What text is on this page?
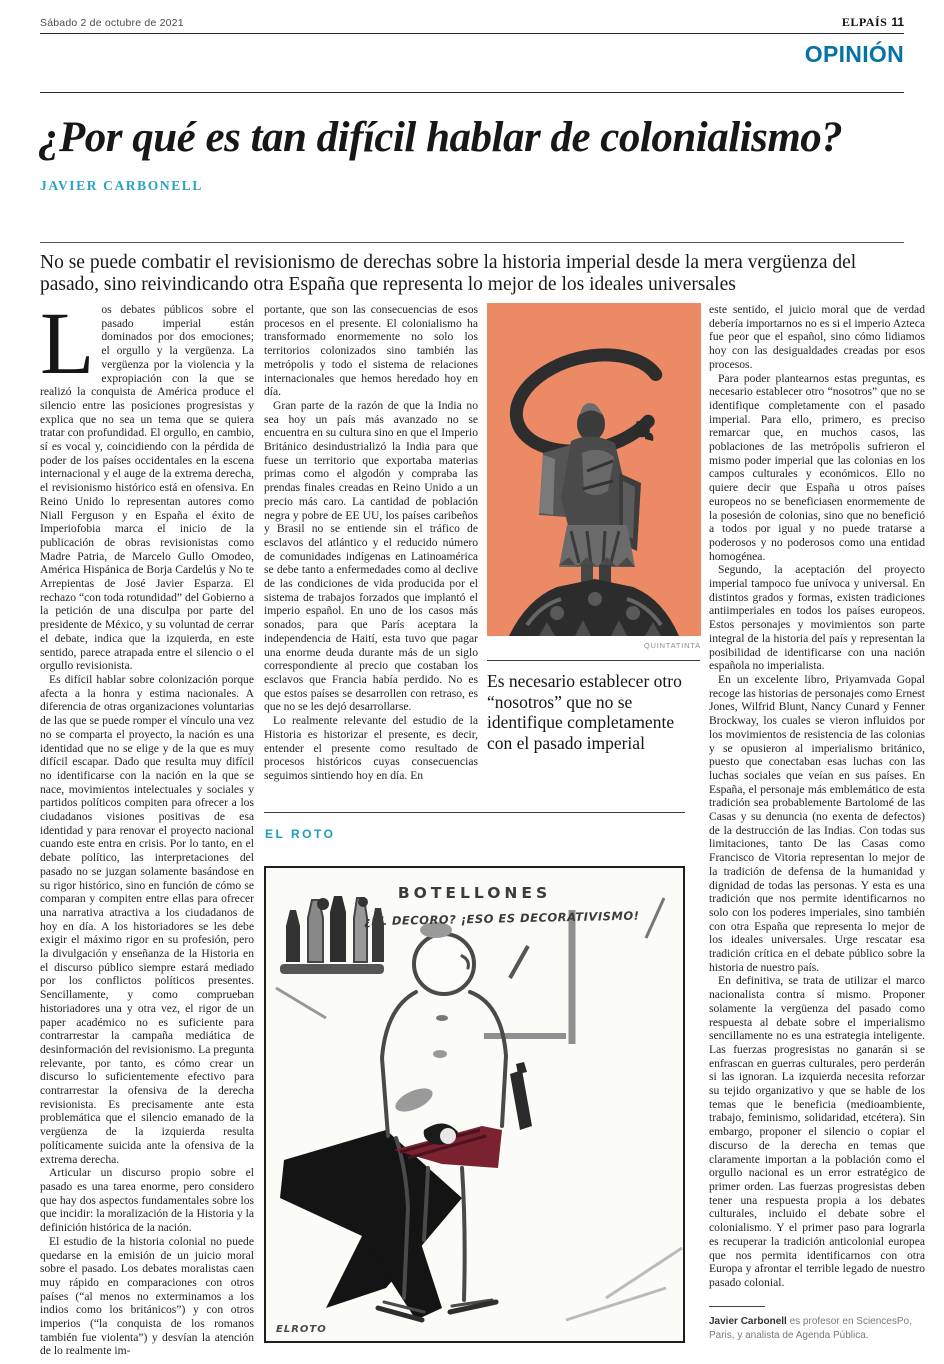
Sábado 2 de octubre de 2021	ELPAÍS 11
OPINIÓN
¿Por qué es tan difícil hablar de colonialismo?
JAVIER CARBONELL
No se puede combatir el revisionismo de derechas sobre la historia imperial desde la mera vergüenza del pasado, sino reivindicando otra España que representa lo mejor de los ideales universales

Los debates públicos sobre el pasado imperial están dominados por dos emociones; el orgullo y la vergüenza. La vergüenza por la violencia y la expropiación con la que se realizó la conquista de América produce el silencio entre las posiciones progresistas y explica que no sea un tema que se quiera tratar con profundidad. El orgullo, en cambio, sí es vocal y, coincidiendo con la pérdida de poder de los países occidentales en la escena internacional y el auge de la extrema derecha, el revisionismo histórico está en ofensiva. En Reino Unido lo representan autores como Niall Ferguson y en España el éxito de Imperiofobia marca el inicio de la publicación de obras revisionistas como Madre Patria, de Marcelo Gullo Omodeo, América Hispánica de Borja Cardelús y No te Arrepientas de José Javier Esparza. El rechazo “con toda rotundidad” del Gobierno a la petición de una disculpa por parte del presidente de México, y su voluntad de cerrar el debate, indica que la izquierda, en este sentido, parece atrapada entre el silencio o el orgullo revisionista.

Es difícil hablar sobre colonización porque afecta a la honra y estima nacionales. A diferencia de otras organizaciones voluntarias de las que se puede romper el vínculo una vez no se comparta el proyecto, la nación es una identidad que no se elige y de la que es muy difícil escapar. Dado que resulta muy difícil no identificarse con la nación en la que se nace, movimientos intelectuales y sociales y partidos políticos compiten para ofrecer a los ciudadanos visiones positivas de esa identidad y para renovar el proyecto nacional cuando este entra en crisis. Por lo tanto, en el debate político, las interpretaciones del pasado no se juzgan solamente basándose en su rigor histórico, sino en función de cómo se comparan y compiten entre ellas para ofrecer una narrativa atractiva a los ciudadanos de hoy en día. A los historiadores se les debe exigir el máximo rigor en su profesión, pero la divulgación y enseñanza de la Historia en el discurso público siempre estará mediado por los conflictos políticos presentes. Sencillamente, y como comprueban historiadores una y otra vez, el rigor de un paper académico no es suficiente para contrarrestar la campaña mediática de desinformación del revisionismo. La pregunta relevante, por tanto, es cómo crear un discurso lo suficientemente efectivo para contrarrestar la ofensiva de la derecha revisionista. Es precisamente ante esta problemática que el silencio emanado de la vergüenza de la izquierda resulta políticamente suicida ante la ofensiva de la extrema derecha.

Articular un discurso propio sobre el pasado es una tarea enorme, pero considero que hay dos aspectos fundamentales sobre los que incidir: la moralización de la Historia y la definición histórica de la nación.

El estudio de la historia colonial no puede quedarse en la emisión de un juicio moral sobre el pasado. Los debates moralistas caen muy rápido en comparaciones con otros países (“al menos no exterminamos a los indios como los británicos”) y con otros imperios (“la conquista de los romanos también fue violenta”) y desvían la atención de lo realmente im-

portante, que son las consecuencias de esos procesos en el presente. El colonialismo ha transformado enormemente no solo los territorios colonizados sino también las metrópolis y todo el sistema de relaciones internacionales que hemos heredado hoy en día.

Gran parte de la razón de que la India no sea hoy un país más avanzado no se encuentra en su cultura sino en que el Imperio Británico desindustrializó la India para que fuese un territorio que exportaba materias primas como el algodón y compraba las prendas finales creadas en Reino Unido a un precio más caro. La cantidad de población negra y pobre de EE UU, los países caribeños y Brasil no se entiende sin el tráfico de esclavos del atlántico y el reducido número de comunidades indígenas en Latinoamérica se debe tanto a enfermedades como al declive de las condiciones de vida producida por el sistema de trabajos forzados que implantó el imperio español. En uno de los casos más sonados, para que París aceptara la independencia de Haití, esta tuvo que pagar una enorme deuda durante más de un siglo correspondiente al precio que costaban los esclavos que Francia había perdido. No es que estos países se desarrollen con retraso, es que no se les dejó desarrollarse.

Lo realmente relevante del estudio de la Historia es historizar el presente, es decir, entender el presente como resultado de procesos históricos cuyas consecuencias seguimos sintiendo hoy en día. En

QUINTATINTA
Es necesario establecer otro “nosotros” que no se identifique completamente con el pasado imperial
EL ROTO
BOTELLONES
¿EL DECORO? ¡ESO ES DECORATIVISMO!
ELROTO

este sentido, el juicio moral que de verdad debería importarnos no es si el imperio Azteca fue peor que el español, sino cómo lidiamos hoy con las desigualdades creadas por esos procesos.

Para poder plantearnos estas preguntas, es necesario establecer otro “nosotros” que no se identifique completamente con el pasado imperial. Para ello, primero, es preciso remarcar que, en muchos casos, las poblaciones de las metrópolis sufrieron el mismo poder imperial que las colonias en los campos culturales y económicos. Ello no quiere decir que España u otros países europeos no se beneficiasen enormemente de la posesión de colonias, sino que no benefició a todos por igual y no puede tratarse a poderosos y no poderosos como una entidad homogénea.

Segundo, la aceptación del proyecto imperial tampoco fue unívoca y universal. En distintos grados y formas, existen tradiciones antiimperiales en todos los países europeos. Estos personajes y movimientos son parte integral de la historia del país y representan la posibilidad de identificarse con una nación española no imperialista.

En un excelente libro, Priyamvada Gopal recoge las historias de personajes como Ernest Jones, Wilfrid Blunt, Nancy Cunard y Fenner Brockway, los cuales se vieron influidos por los movimientos de resistencia de las colonias y se opusieron al imperialismo británico, puesto que conectaban esas luchas con las luchas sociales que veían en sus países. En España, el personaje más emblemático de esta tradición sea probablemente Bartolomé de las Casas y su denuncia (no exenta de defectos) de la destrucción de las Indias. Con todas sus limitaciones, tanto De las Casas como Francisco de Vitoria representan lo mejor de la tradición de defensa de la humanidad y dignidad de todas las personas. Y esta es una tradición que nos permite identificarnos no solo con los poderes imperiales, sino también con otra España que representa lo mejor de los ideales universales. Urge rescatar esa tradición crítica en el debate público sobre la historia de nuestro país.

En definitiva, se trata de utilizar el marco nacionalista contra sí mismo. Proponer solamente la vergüenza del pasado como respuesta al debate sobre el imperialismo sencillamente no es una estrategia inteligente. Las fuerzas progresistas no ganarán si se enfrascan en guerras culturales, pero perderán si las ignoran. La izquierda necesita reforzar su tejido organizativo y que se hable de los temas que le beneficia (medioambiente, trabajo, feminismo, solidaridad, etcétera). Sin embargo, proponer el silencio o copiar el discurso de la derecha en temas que claramente importan a la población como el orgullo nacional es un error estratégico de primer orden. Las fuerzas progresistas deben tener una respuesta propia a los debates culturales, incluido el debate sobre el colonialismo. Y el primer paso para lograrla es recuperar la tradición anticolonial europea que nos permita identificarnos con otra Europa y afrontar el terrible legado de nuestro pasado colonial.

Javier Carbonell es profesor en SciencesPo, Paris, y analista de Agenda Pública.
